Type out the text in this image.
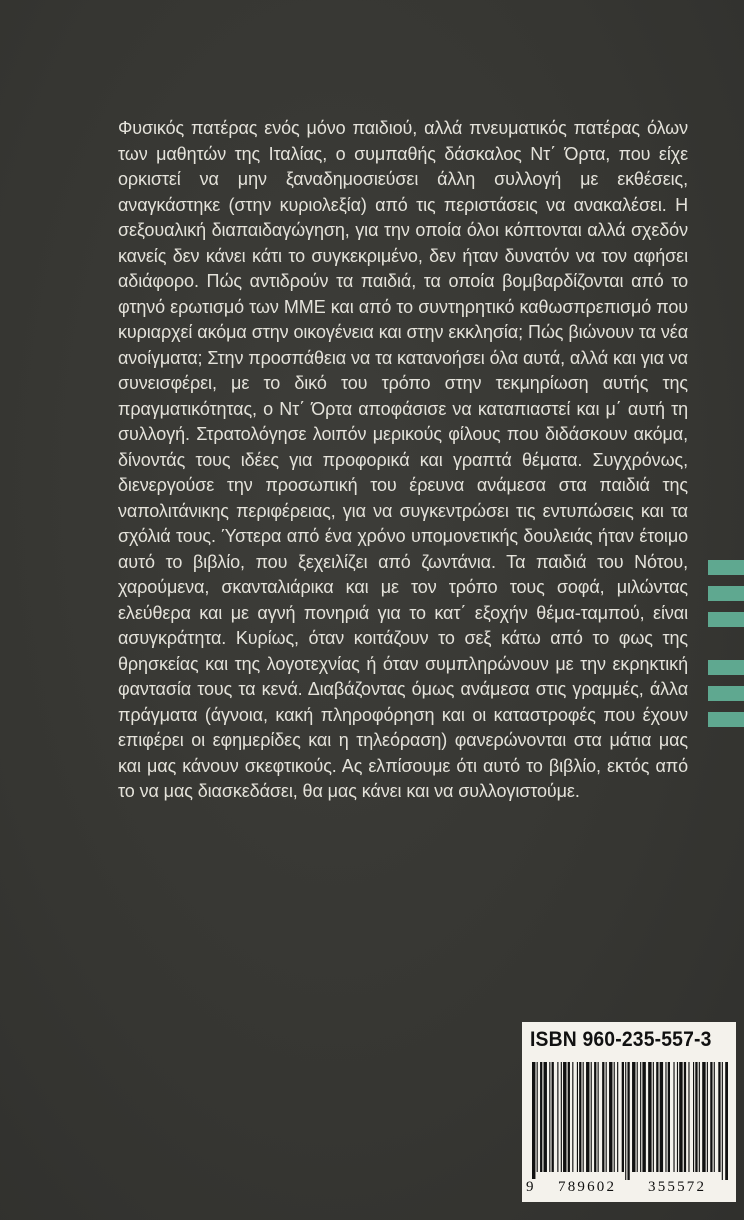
Φυσικός πατέρας ενός μόνο παιδιού, αλλά πνευματικός πατέρας όλων των μαθητών της Ιταλίας, ο συμπαθής δάσκαλος Ντ΄ Όρτα, που είχε ορκιστεί να μην ξαναδημοσιεύσει άλλη συλλογή με εκθέσεις, αναγκάστηκε (στην κυριολεξία) από τις περιστάσεις να ανακαλέσει. Η σεξουαλική διαπαιδαγώγηση, για την οποία όλοι κόπτονται αλλά σχεδόν κανείς δεν κάνει κάτι το συγκεκριμένο, δεν ήταν δυνατόν να τον αφήσει αδιάφορο. Πώς αντιδρούν τα παιδιά, τα οποία βομβαρδίζονται από το φτηνό ερωτισμό των ΜΜΕ και από το συντηρητικό καθωσπρεπισμό που κυριαρχεί ακόμα στην οικογένεια και στην εκκλησία; Πώς βιώνουν τα νέα ανοίγματα; Στην προσπάθεια να τα κατανοήσει όλα αυτά, αλλά και για να συνεισφέρει, με το δικό του τρόπο στην τεκμηρίωση αυτής της πραγματικότητας, ο Ντ΄ Όρτα αποφάσισε να καταπιαστεί και μ΄ αυτή τη συλλογή. Στρατολόγησε λοιπόν μερικούς φίλους που διδάσκουν ακόμα, δίνοντάς τους ιδέες για προφορικά και γραπτά θέματα. Συγχρόνως, διενεργούσε την προσωπική του έρευνα ανάμεσα στα παιδιά της ναπολιτάνικης περιφέρειας, για να συγκεντρώσει τις εντυπώσεις και τα σχόλιά τους. Ύστερα από ένα χρόνο υπομονετικής δουλειάς ήταν έτοιμο αυτό το βιβλίο, που ξεχειλίζει από ζωντάνια. Τα παιδιά του Νότου, χαρούμενα, σκανταλιάρικα και με τον τρόπο τους σοφά, μιλώντας ελεύθερα και με αγνή πονηριά για το κατ΄ εξοχήν θέμα-ταμπού, είναι ασυγκράτητα. Κυρίως, όταν κοιτάζουν το σεξ κάτω από το φως της θρησκείας και της λογοτεχνίας ή όταν συμπληρώνουν με την εκρηκτική φαντασία τους τα κενά. Διαβάζοντας όμως ανάμεσα στις γραμμές, άλλα πράγματα (άγνοια, κακή πληροφόρηση και οι καταστροφές που έχουν επιφέρει οι εφημερίδες και η τηλεόραση) φανερώνονται στα μάτια μας και μας κάνουν σκεφτικούς. Ας ελπίσουμε ότι αυτό το βιβλίο, εκτός από το να μας διασκεδάσει, θα μας κάνει και να συλλογιστούμε.

ISBN 960-235-557-3
9 789602 355572
